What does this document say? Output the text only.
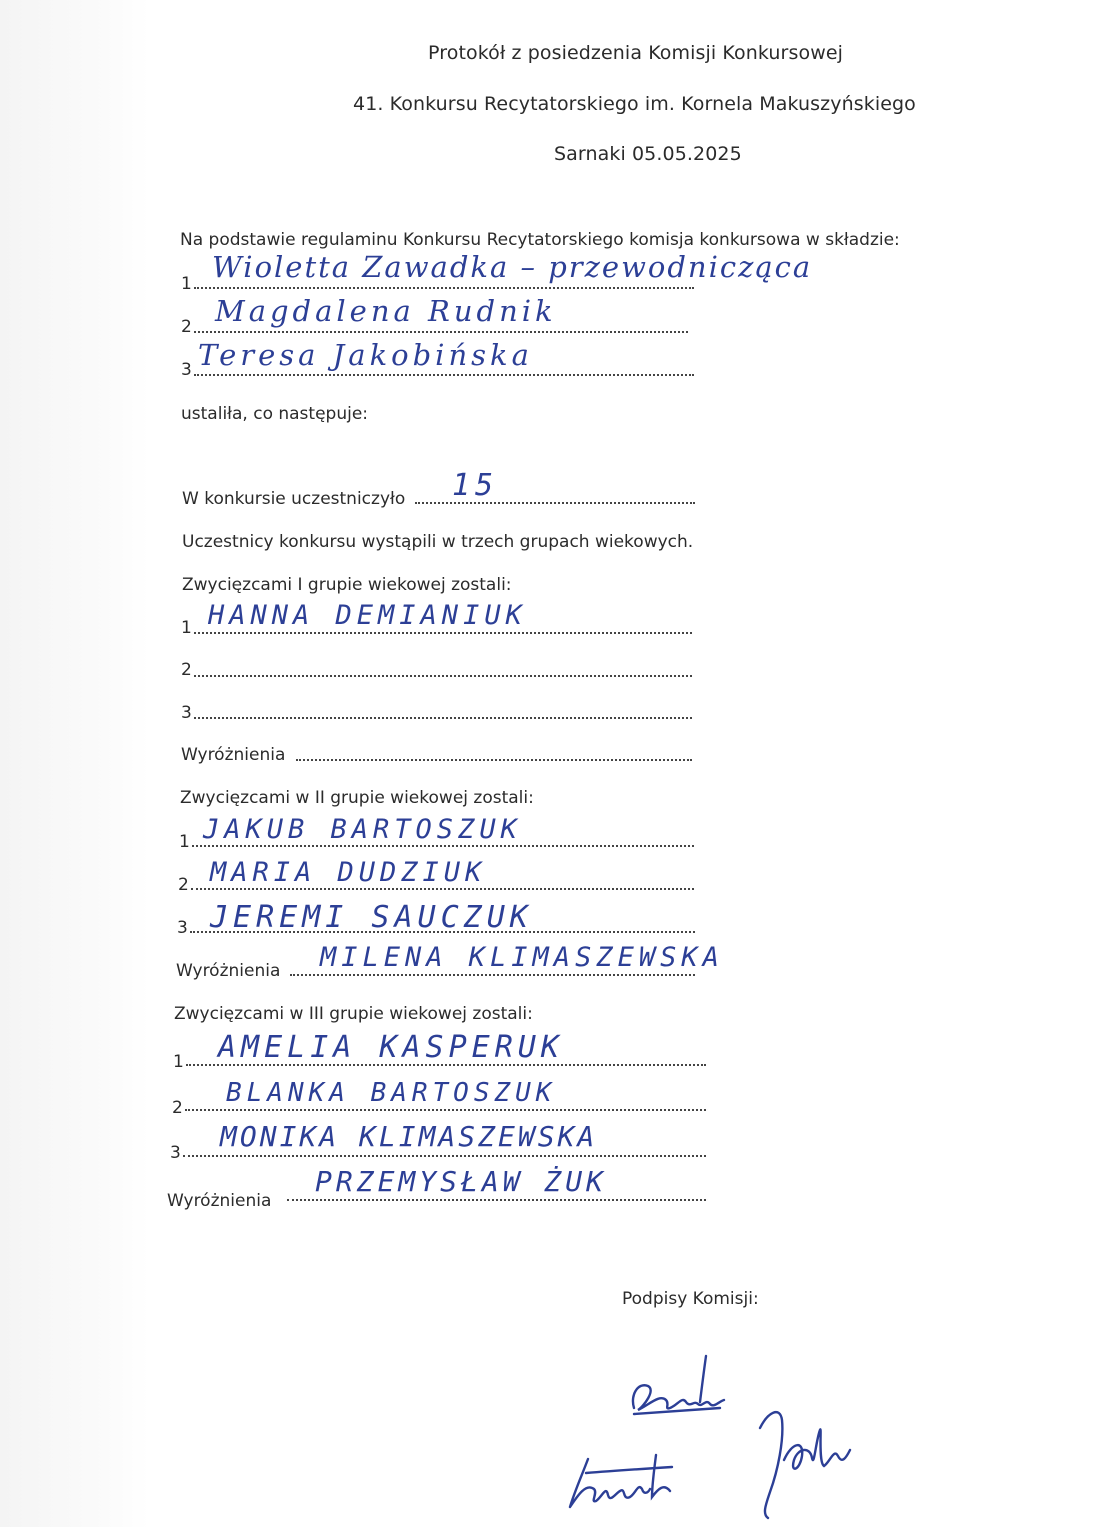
Protokół z posiedzenia Komisji Konkursowej
41. Konkursu Recytatorskiego im. Kornela Makuszyńskiego
Sarnaki 05.05.2025
Na podstawie regulaminu Konkursu Recytatorskiego komisja konkursowa w składzie:
1 Wioletta Zawadka – przewodnicząca
2 Magdalena Rudnik
3 Teresa Jakobińska
ustaliła, co następuje:
W konkursie uczestniczyło 15
Uczestnicy konkursu wystąpili w trzech grupach wiekowych.
Zwycięzcami I grupie wiekowej zostali:
1 HANNA DEMIANIUK
2
3
Wyróżnienia
Zwycięzcami w II grupie wiekowej zostali:
1 JAKUB BARTOSZUK
2 MARIA DUDZIUK
3 JEREMI SAUCZUK
Wyróżnienia MILENA KLIMASZEWSKA
Zwycięzcami w III grupie wiekowej zostali:
1 AMELIA KASPERUK
2 BLANKA BARTOSZUK
3 MONIKA KLIMASZEWSKA
Wyróżnienia
PRZEMYSŁAW ŻUK
Podpisy Komisji:
